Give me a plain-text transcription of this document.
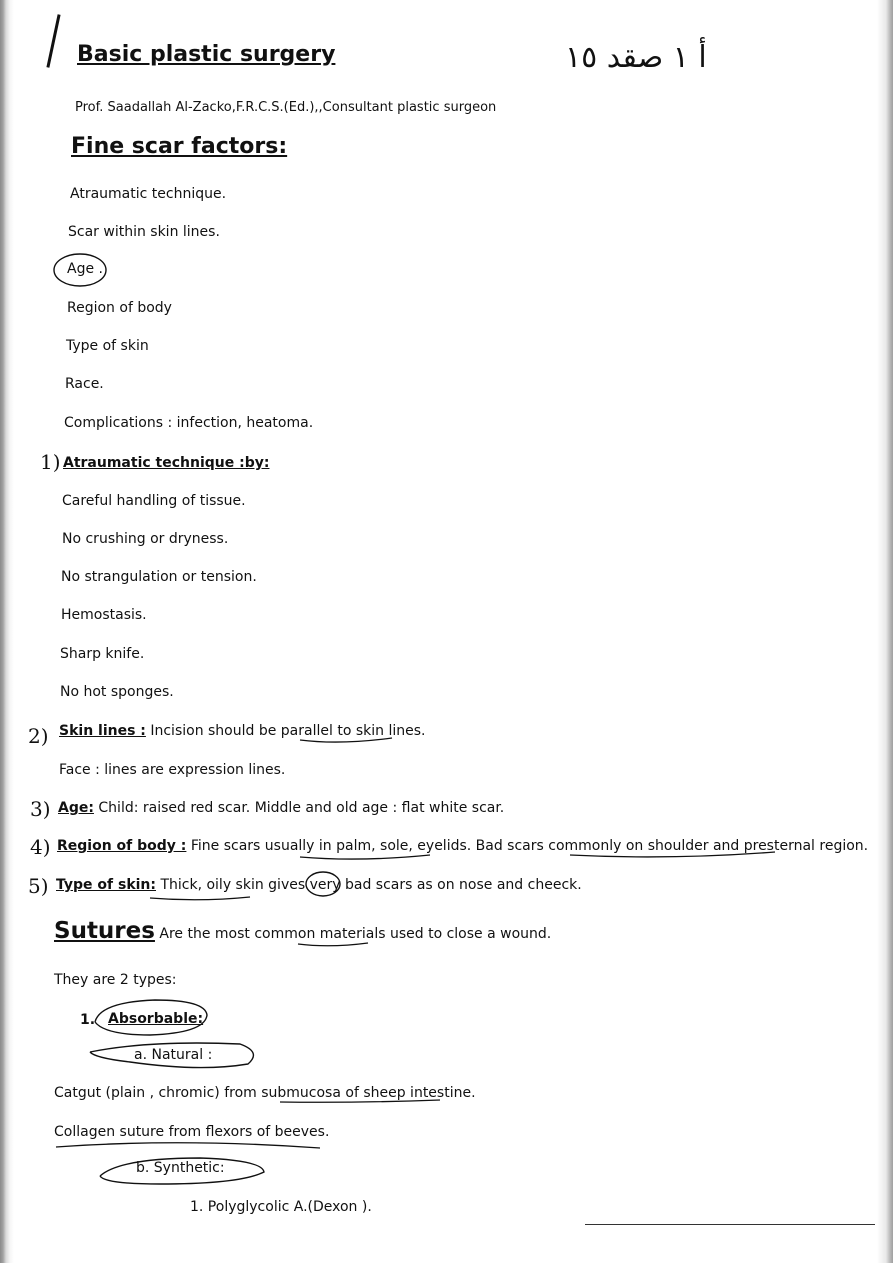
Basic plastic surgery	أ ۱ صقد ۱٥
Prof. Saadallah Al-Zacko,F.R.C.S.(Ed.),,Consultant plastic surgeon
Fine scar factors:
Atraumatic technique.
Scar within skin lines.
Age .
Region of body
Type of skin
Race.
Complications : infection, heatoma.
1) Atraumatic technique :by:
Careful handling of tissue.
No crushing or dryness.
No strangulation or tension.
Hemostasis.
Sharp knife.
No hot sponges.
2) Skin lines : Incision should be parallel to skin lines.
Face : lines are expression lines.
3) Age: Child: raised red scar. Middle and old age : flat white scar.
4) Region of body : Fine scars usually in palm, sole, eyelids. Bad scars commonly on shoulder and presternal region.
5) Type of skin: Thick, oily skin gives very bad scars as on nose and cheeck.
Sutures Are the most common materials used to close a wound.
They are 2 types:
1. Absorbable:
a. Natural :
Catgut (plain , chromic) from submucosa of sheep intestine.
Collagen suture from flexors of beeves.
b. Synthetic:
1. Polyglycolic A.(Dexon ).
